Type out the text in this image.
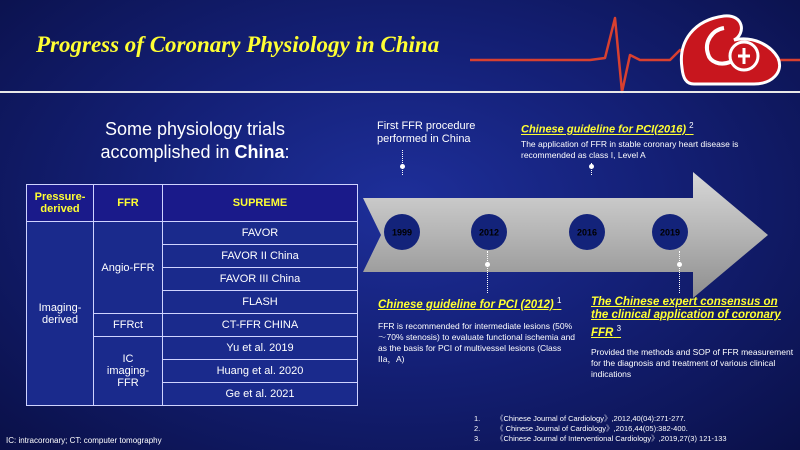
Progress of Coronary Physiology in China
Some physiology trials
accomplished in China:
Pressure-derived	FFR	SUPREME
Imaging-derived	Angio-FFR	FAVOR
		FAVOR II China
		FAVOR III China
		FLASH
	FFRct	CT-FFR CHINA
	IC imaging-FFR	Yu et al. 2019
		Huang et al. 2020
		Ge et al. 2021
1999	2012	2016	2019
First FFR procedure performed in China
Chinese guideline for PCI(2016) $^2$
The application of FFR in stable coronary heart disease is recommended as class I, Level A
Chinese guideline for PCI (2012) $^1$
FFR is recommended for intermediate lesions (50%～70% stenosis) to evaluate functional ischemia and as the basis for PCI of multivessel lesions (Class IIa，A)
The Chinese expert consensus on the clinical application of coronary FFR $^3$
Provided the methods and SOP of FFR measurement for the diagnosis and treatment of various clinical indications
1. 《Chinese Journal of Cardiology》,2012,40(04):271-277.
2. 《 Chinese Journal of Cardiology》,2016,44(05):382-400.
3. 《Chinese Journal of Interventional Cardiology》,2019,27(3) 121-133
IC: intracoronary; CT: computer tomography
